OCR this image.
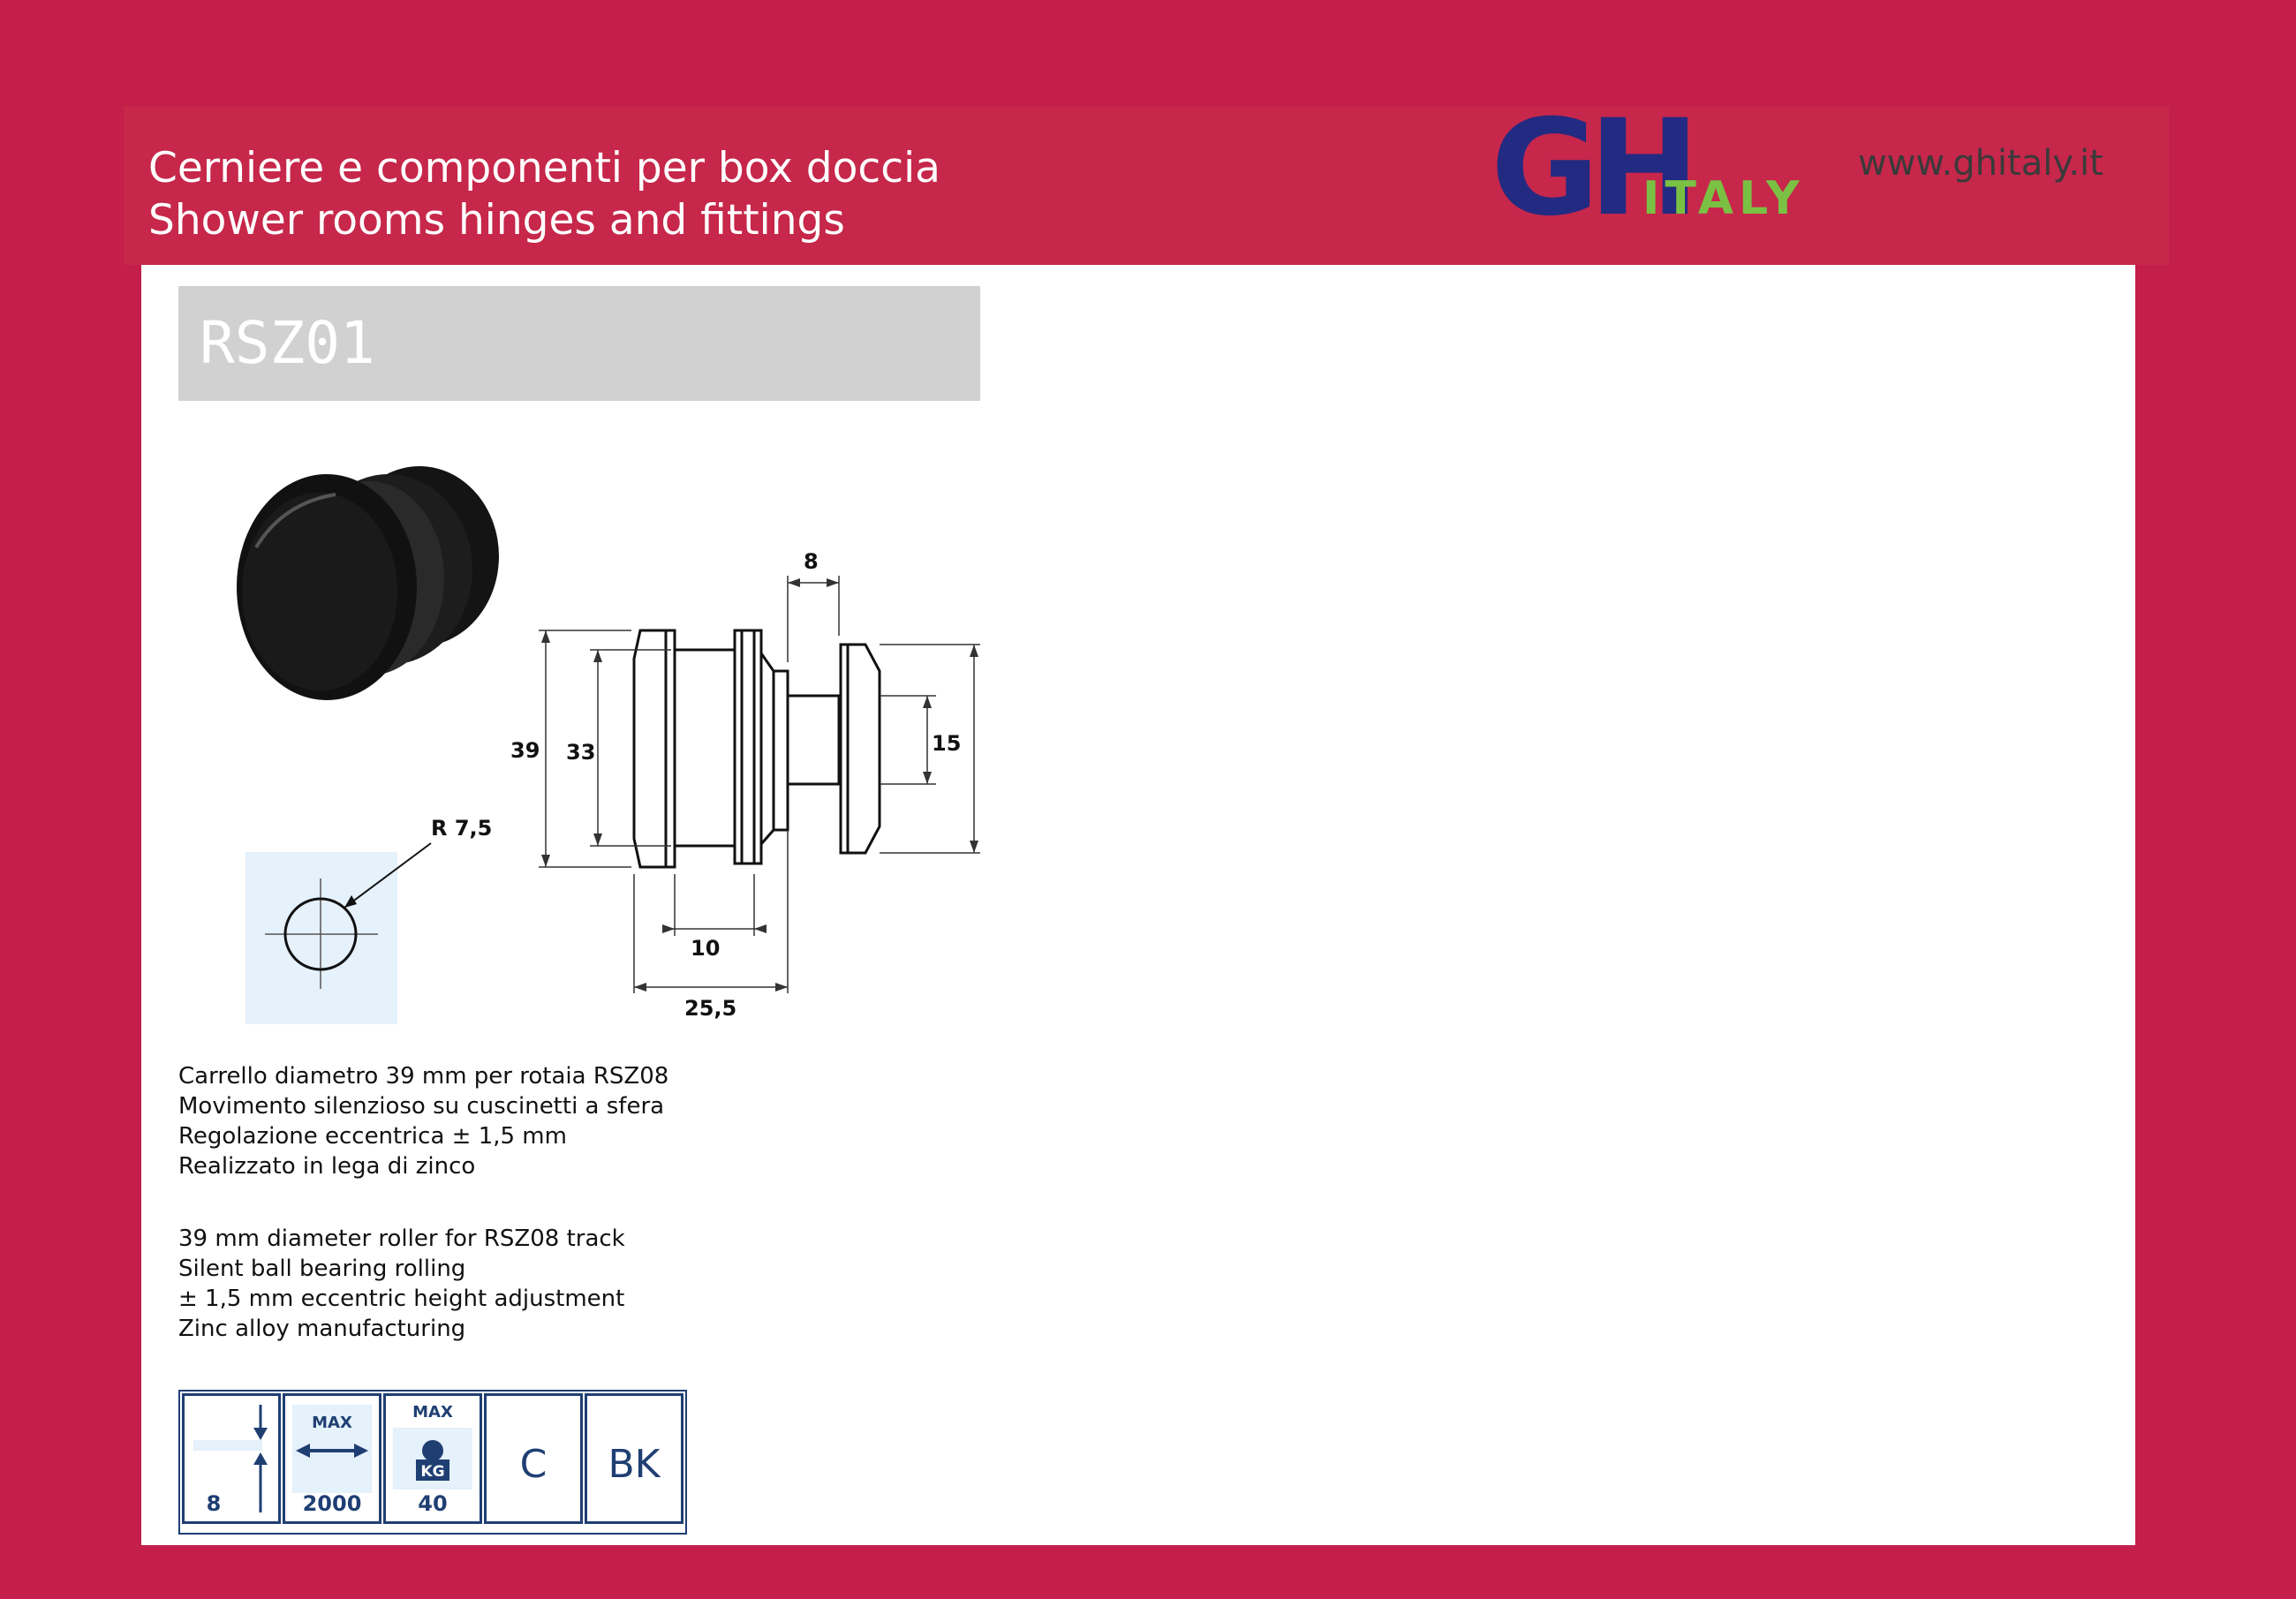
Cerniere e componenti per box doccia
Shower rooms hinges and fittings	GH
ITALY
www.ghitaly.it
RSZ01
R 7,5
8
39 33	15
10
25,5
Carrello diametro 39 mm per rotaia RSZ08
Movimento silenzioso su cuscinetti a sfera
Regolazione eccentrica ± 1,5 mm
Realizzato in lega di zinco
39 mm diameter roller for RSZ08 track
Silent ball bearing rolling
± 1,5 mm eccentric height adjustment
Zinc alloy manufacturing
8
MAX
2000
KG
MAX
40
C	BK
